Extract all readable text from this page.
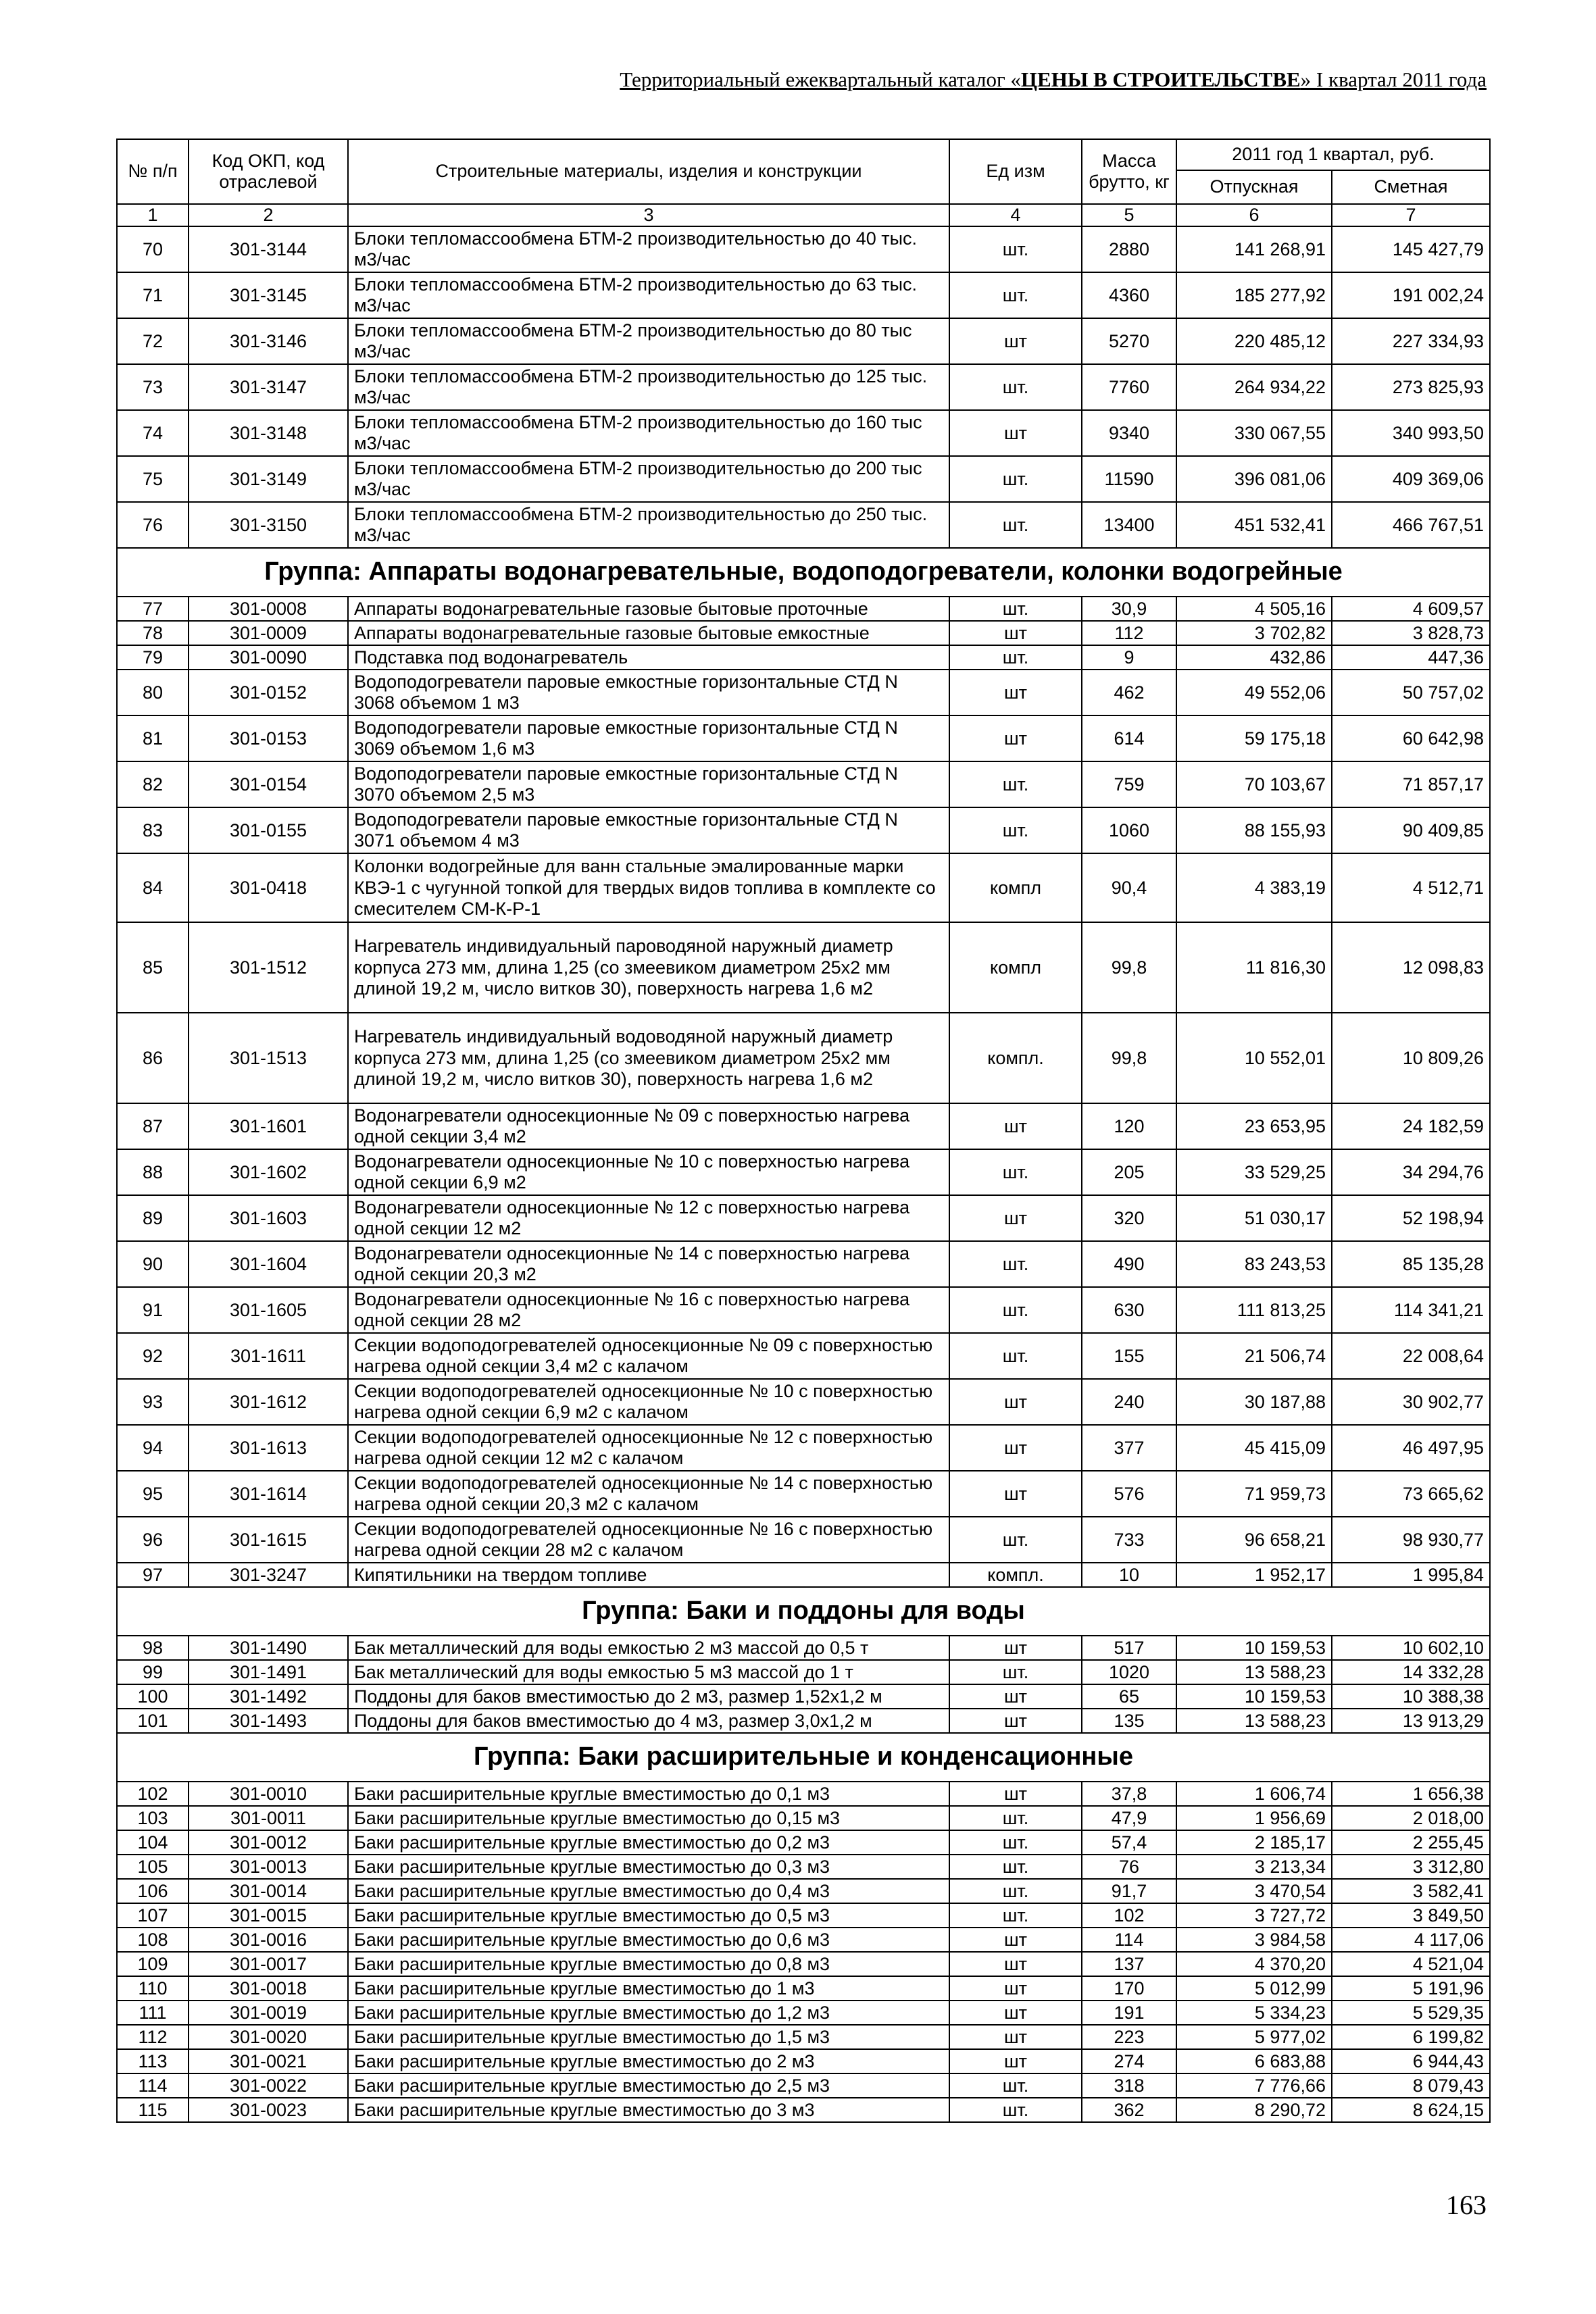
Территориальный ежеквартальный каталог «ЦЕНЫ В СТРОИТЕЛЬСТВЕ» I квартал 2011 года
№ п/п	Код ОКП, код отраслевой	Строительные материалы, изделия и конструкции	Ед изм	Масса брутто, кг	2011 год 1 квартал, руб.	
					Отпускная	Сметная
1	2	3	4	5	6	7
70	301-3144	Блоки тепломассообмена БТМ-2 производительностью до 40 тыс. м3/час	шт.	2880	141 268,91	145 427,79
71	301-3145	Блоки тепломассообмена БТМ-2 производительностью до 63 тыс. м3/час	шт.	4360	185 277,92	191 002,24
72	301-3146	Блоки тепломассообмена БТМ-2 производительностью до 80 тыс м3/час	шт	5270	220 485,12	227 334,93
73	301-3147	Блоки тепломассообмена БТМ-2 производительностью до 125 тыс. м3/час	шт.	7760	264 934,22	273 825,93
74	301-3148	Блоки тепломассообмена БТМ-2 производительностью до 160 тыс м3/час	шт	9340	330 067,55	340 993,50
75	301-3149	Блоки тепломассообмена БТМ-2 производительностью до 200 тыс м3/час	шт.	11590	396 081,06	409 369,06
76	301-3150	Блоки тепломассообмена БТМ-2 производительностью до 250 тыс. м3/час	шт.	13400	451 532,41	466 767,51
Группа: Аппараты водонагревательные, водоподогреватели, колонки водогрейные						
77	301-0008	Аппараты водонагревательные газовые бытовые проточные	шт.	30,9	4 505,16	4 609,57
78	301-0009	Аппараты водонагревательные газовые бытовые емкостные	шт	112	3 702,82	3 828,73
79	301-0090	Подставка под водонагреватель	шт.	9	432,86	447,36
80	301-0152	Водоподогреватели паровые емкостные горизонтальные СТД N 3068 объемом 1 м3	шт	462	49 552,06	50 757,02
81	301-0153	Водоподогреватели паровые емкостные горизонтальные СТД N 3069 объемом 1,6 м3	шт	614	59 175,18	60 642,98
82	301-0154	Водоподогреватели паровые емкостные горизонтальные СТД N 3070 объемом 2,5 м3	шт.	759	70 103,67	71 857,17
83	301-0155	Водоподогреватели паровые емкостные горизонтальные СТД N 3071 объемом 4 м3	шт.	1060	88 155,93	90 409,85
84	301-0418	Колонки водогрейные для ванн стальные эмалированные марки КВЭ-1 с чугунной топкой для твердых видов топлива в комплекте со смесителем СМ-К-Р-1	компл	90,4	4 383,19	4 512,71
85	301-1512	Нагреватель индивидуальный пароводяной наружный диаметр корпуса 273 мм, длина 1,25 (со змеевиком диаметром 25х2 мм длиной 19,2 м, число витков 30), поверхность нагрева 1,6 м2	компл	99,8	11 816,30	12 098,83
86	301-1513	Нагреватель индивидуальный водоводяной наружный диаметр корпуса 273 мм, длина 1,25 (со змеевиком диаметром 25х2 мм длиной 19,2 м, число витков 30), поверхность нагрева 1,6 м2	компл.	99,8	10 552,01	10 809,26
87	301-1601	Водонагреватели односекционные № 09 с поверхностью нагрева одной секции 3,4 м2	шт	120	23 653,95	24 182,59
88	301-1602	Водонагреватели односекционные № 10 с поверхностью нагрева одной секции 6,9 м2	шт.	205	33 529,25	34 294,76
89	301-1603	Водонагреватели односекционные № 12 с поверхностью нагрева одной секции 12 м2	шт	320	51 030,17	52 198,94
90	301-1604	Водонагреватели односекционные № 14 с поверхностью нагрева одной секции 20,3 м2	шт.	490	83 243,53	85 135,28
91	301-1605	Водонагреватели односекционные № 16 с поверхностью нагрева одной секции 28 м2	шт.	630	111 813,25	114 341,21
92	301-1611	Секции водоподогревателей односекционные № 09 с поверхностью нагрева одной секции 3,4 м2 с калачом	шт.	155	21 506,74	22 008,64
93	301-1612	Секции водоподогревателей односекционные № 10 с поверхностью нагрева одной секции 6,9 м2 с калачом	шт	240	30 187,88	30 902,77
94	301-1613	Секции водоподогревателей односекционные № 12 с поверхностью нагрева одной секции 12 м2 с калачом	шт	377	45 415,09	46 497,95
95	301-1614	Секции водоподогревателей односекционные № 14 с поверхностью нагрева одной секции 20,3 м2 с калачом	шт	576	71 959,73	73 665,62
96	301-1615	Секции водоподогревателей односекционные № 16 с поверхностью нагрева одной секции 28 м2 с калачом	шт.	733	96 658,21	98 930,77
97	301-3247	Кипятильники на твердом топливе	компл.	10	1 952,17	1 995,84
Группа: Баки и поддоны для воды						
98	301-1490	Бак металлический для воды емкостью 2 м3 массой до 0,5 т	шт	517	10 159,53	10 602,10
99	301-1491	Бак металлический для воды емкостью 5 м3 массой до 1 т	шт.	1020	13 588,23	14 332,28
100	301-1492	Поддоны для баков вместимостью до 2 м3, размер 1,52х1,2 м	шт	65	10 159,53	10 388,38
101	301-1493	Поддоны для баков вместимостью до 4 м3, размер 3,0х1,2 м	шт	135	13 588,23	13 913,29
Группа: Баки расширительные и конденсационные						
102	301-0010	Баки расширительные круглые вместимостью до 0,1 м3	шт	37,8	1 606,74	1 656,38
103	301-0011	Баки расширительные круглые вместимостью до 0,15 м3	шт.	47,9	1 956,69	2 018,00
104	301-0012	Баки расширительные круглые вместимостью до 0,2 м3	шт.	57,4	2 185,17	2 255,45
105	301-0013	Баки расширительные круглые вместимостью до 0,3 м3	шт.	76	3 213,34	3 312,80
106	301-0014	Баки расширительные круглые вместимостью до 0,4 м3	шт.	91,7	3 470,54	3 582,41
107	301-0015	Баки расширительные круглые вместимостью до 0,5 м3	шт.	102	3 727,72	3 849,50
108	301-0016	Баки расширительные круглые вместимостью до 0,6 м3	шт	114	3 984,58	4 117,06
109	301-0017	Баки расширительные круглые вместимостью до 0,8 м3	шт	137	4 370,20	4 521,04
110	301-0018	Баки расширительные круглые вместимостью до 1 м3	шт	170	5 012,99	5 191,96
111	301-0019	Баки расширительные круглые вместимостью до 1,2 м3	шт	191	5 334,23	5 529,35
112	301-0020	Баки расширительные круглые вместимостью до 1,5 м3	шт	223	5 977,02	6 199,82
113	301-0021	Баки расширительные круглые вместимостью до 2 м3	шт	274	6 683,88	6 944,43
114	301-0022	Баки расширительные круглые вместимостью до 2,5 м3	шт.	318	7 776,66	8 079,43
115	301-0023	Баки расширительные круглые вместимостью до 3 м3	шт.	362	8 290,72	8 624,15
163
